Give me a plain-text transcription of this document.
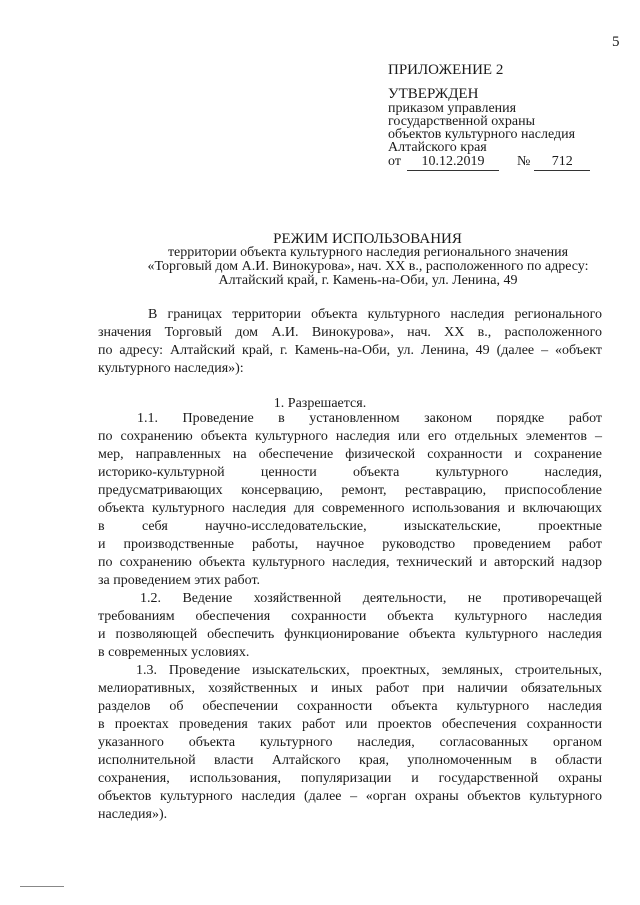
5
ПРИЛОЖЕНИЕ 2
УТВЕРЖДЕН
приказом управления
государственной охраны
объектов культурного наследия
Алтайского края
от 10.12.2019 № 712
РЕЖИМ ИСПОЛЬЗОВАНИЯ
территории объекта культурного наследия регионального значения
«Торговый дом А.И. Винокурова», нач. XX в., расположенного по адресу:
Алтайский край, г. Камень-на-Оби, ул. Ленина, 49
В границах территории объекта культурного наследия регионального
значения Торговый дом А.И. Винокурова», нач. XX в., расположенного
по адресу: Алтайский край, г. Камень-на-Оби, ул. Ленина, 49 (далее – «объект
культурного наследия»):
1. Разрешается.
1.1. Проведение в установленном законом порядке работ
по сохранению объекта культурного наследия или его отдельных элементов –
мер, направленных на обеспечение физической сохранности и сохранение
историко-культурной ценности объекта культурного наследия,
предусматривающих консервацию, ремонт, реставрацию, приспособление
объекта культурного наследия для современного использования и включающих
в себя научно-исследовательские, изыскательские, проектные
и производственные работы, научное руководство проведением работ
по сохранению объекта культурного наследия, технический и авторский надзор
за проведением этих работ.
1.2. Ведение хозяйственной деятельности, не противоречащей
требованиям обеспечения сохранности объекта культурного наследия
и позволяющей обеспечить функционирование объекта культурного наследия
в современных условиях.
1.3. Проведение изыскательских, проектных, земляных, строительных,
мелиоративных, хозяйственных и иных работ при наличии обязательных
разделов об обеспечении сохранности объекта культурного наследия
в проектах проведения таких работ или проектов обеспечения сохранности
указанного объекта культурного наследия, согласованных органом
исполнительной власти Алтайского края, уполномоченным в области
сохранения, использования, популяризации и государственной охраны
объектов культурного наследия (далее – «орган охраны объектов культурного
наследия»).
